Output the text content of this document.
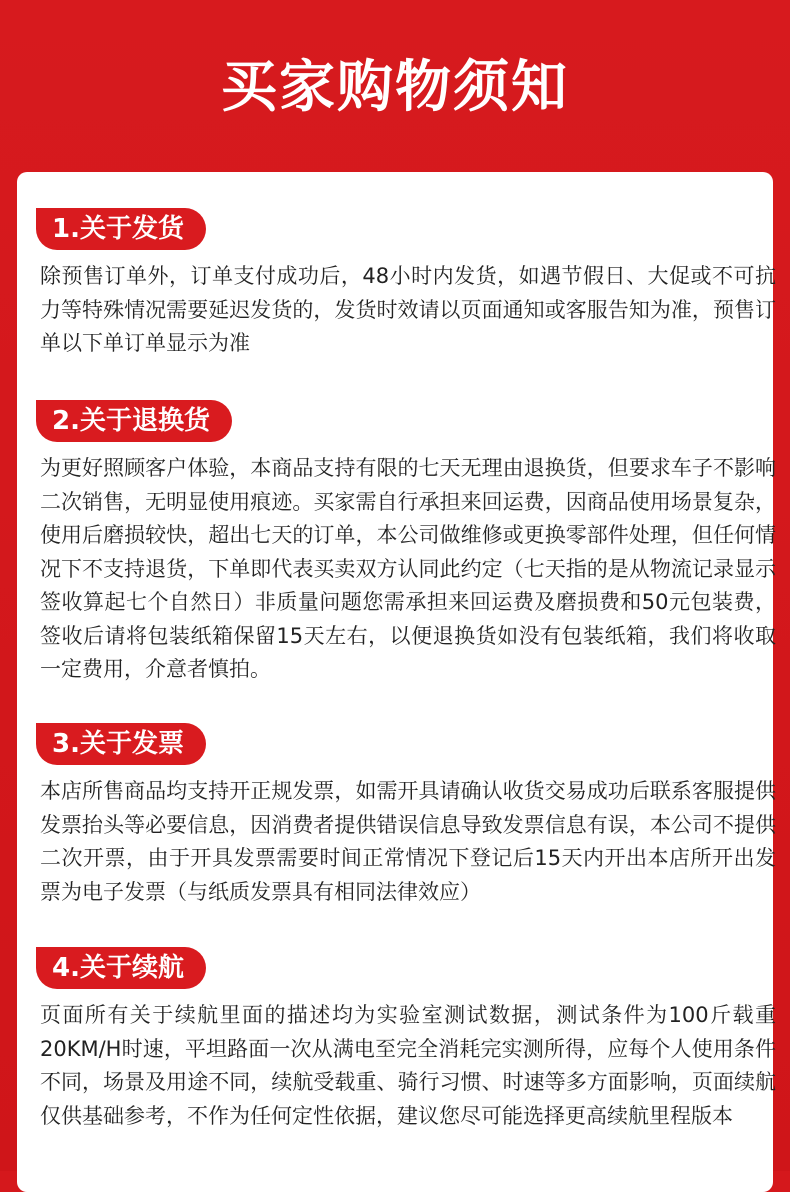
买家购物须知
1.关于发货
除预售订单外，订单支付成功后，48小时内发货，如遇节假日、大促或不可抗力等特殊情况需要延迟发货的，发货时效请以页面通知或客服告知为准，预售订单以下单订单显示为准
2.关于退换货
为更好照顾客户体验，本商品支持有限的七天无理由退换货，但要求车子不影响二次销售，无明显使用痕迹。买家需自行承担来回运费，因商品使用场景复杂，使用后磨损较快，超出七天的订单，本公司做维修或更换零部件处理，但任何情况下不支持退货，下单即代表买卖双方认同此约定（七天指的是从物流记录显示签收算起七个自然日）非质量问题您需承担来回运费及磨损费和50元包装费，签收后请将包装纸箱保留15天左右，以便退换货如没有包装纸箱，我们将收取一定费用，介意者慎拍。
3.关于发票
本店所售商品均支持开正规发票，如需开具请确认收货交易成功后联系客服提供发票抬头等必要信息，因消费者提供错误信息导致发票信息有误，本公司不提供二次开票，由于开具发票需要时间正常情况下登记后15天内开出本店所开出发票为电子发票（与纸质发票具有相同法律效应）
4.关于续航
页面所有关于续航里面的描述均为实验室测试数据，测试条件为100斤载重20KM/H时速，平坦路面一次从满电至完全消耗完实测所得，应每个人使用条件不同，场景及用途不同，续航受载重、骑行习惯、时速等多方面影响，页面续航仅供基础参考，不作为任何定性依据，建议您尽可能选择更高续航里程版本
